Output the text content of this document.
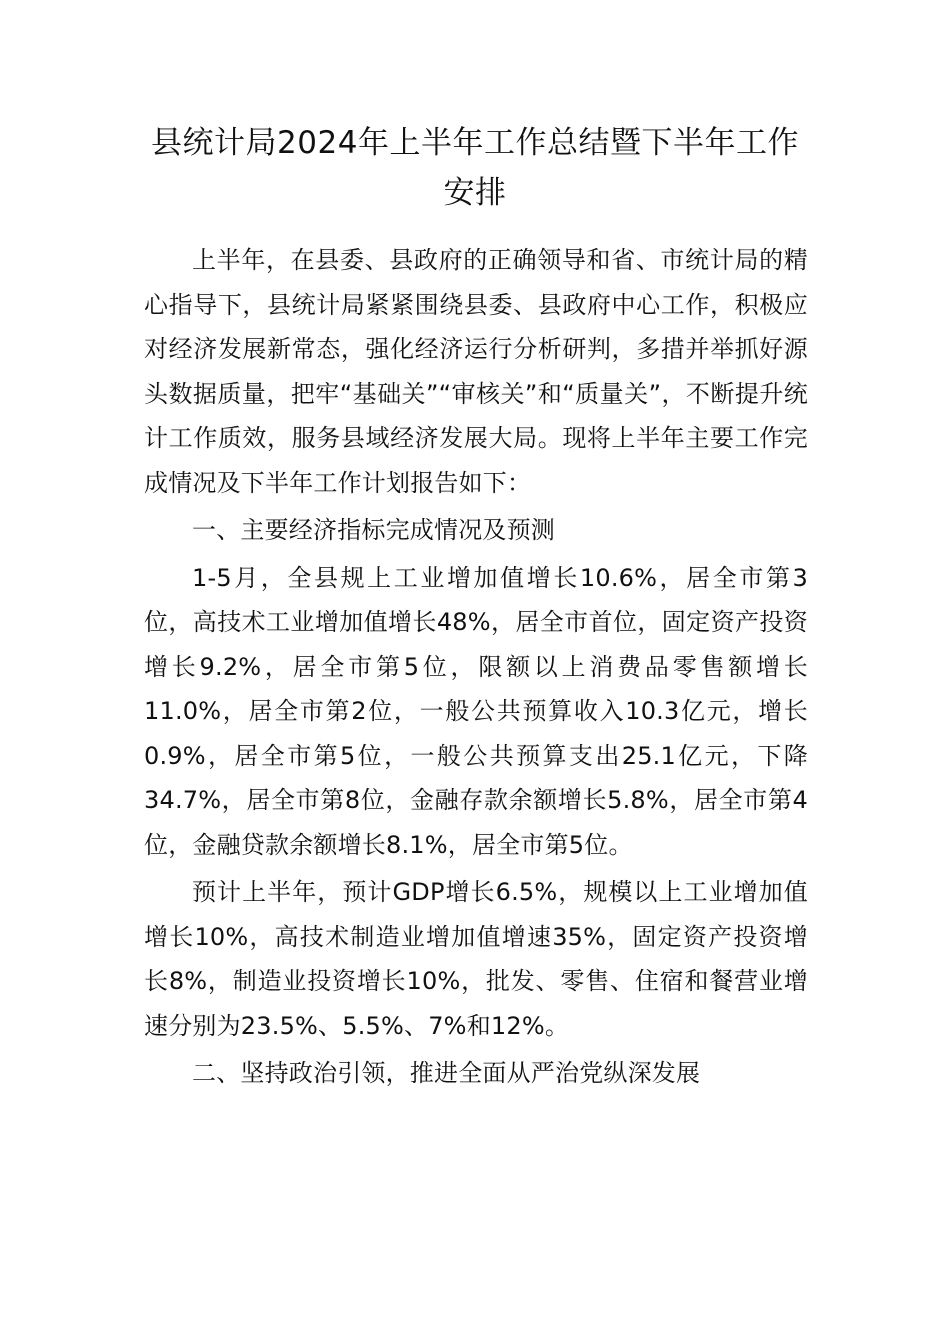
县统计局2024年上半年工作总结暨下半年工作安排

上半年，在县委、县政府的正确领导和省、市统计局的精心指导下，县统计局紧紧围绕县委、县政府中心工作，积极应对经济发展新常态，强化经济运行分析研判，多措并举抓好源头数据质量，把牢“基础关”“审核关”和“质量关”，不断提升统计工作质效，服务县域经济发展大局。现将上半年主要工作完成情况及下半年工作计划报告如下：

一、主要经济指标完成情况及预测

1-5月，全县规上工业增加值增长10.6%，居全市第3位，高技术工业增加值增长48%，居全市首位，固定资产投资增长9.2%，居全市第5位，限额以上消费品零售额增长11.0%，居全市第2位，一般公共预算收入10.3亿元，增长0.9%，居全市第5位，一般公共预算支出25.1亿元，下降34.7%，居全市第8位，金融存款余额增长5.8%，居全市第4位，金融贷款余额增长8.1%，居全市第5位。

预计上半年，预计GDP增长6.5%，规模以上工业增加值增长10%，高技术制造业增加值增速35%，固定资产投资增长8%，制造业投资增长10%，批发、零售、住宿和餐营业增速分别为23.5%、5.5%、7%和12%。

二、坚持政治引领，推进全面从严治党纵深发展
